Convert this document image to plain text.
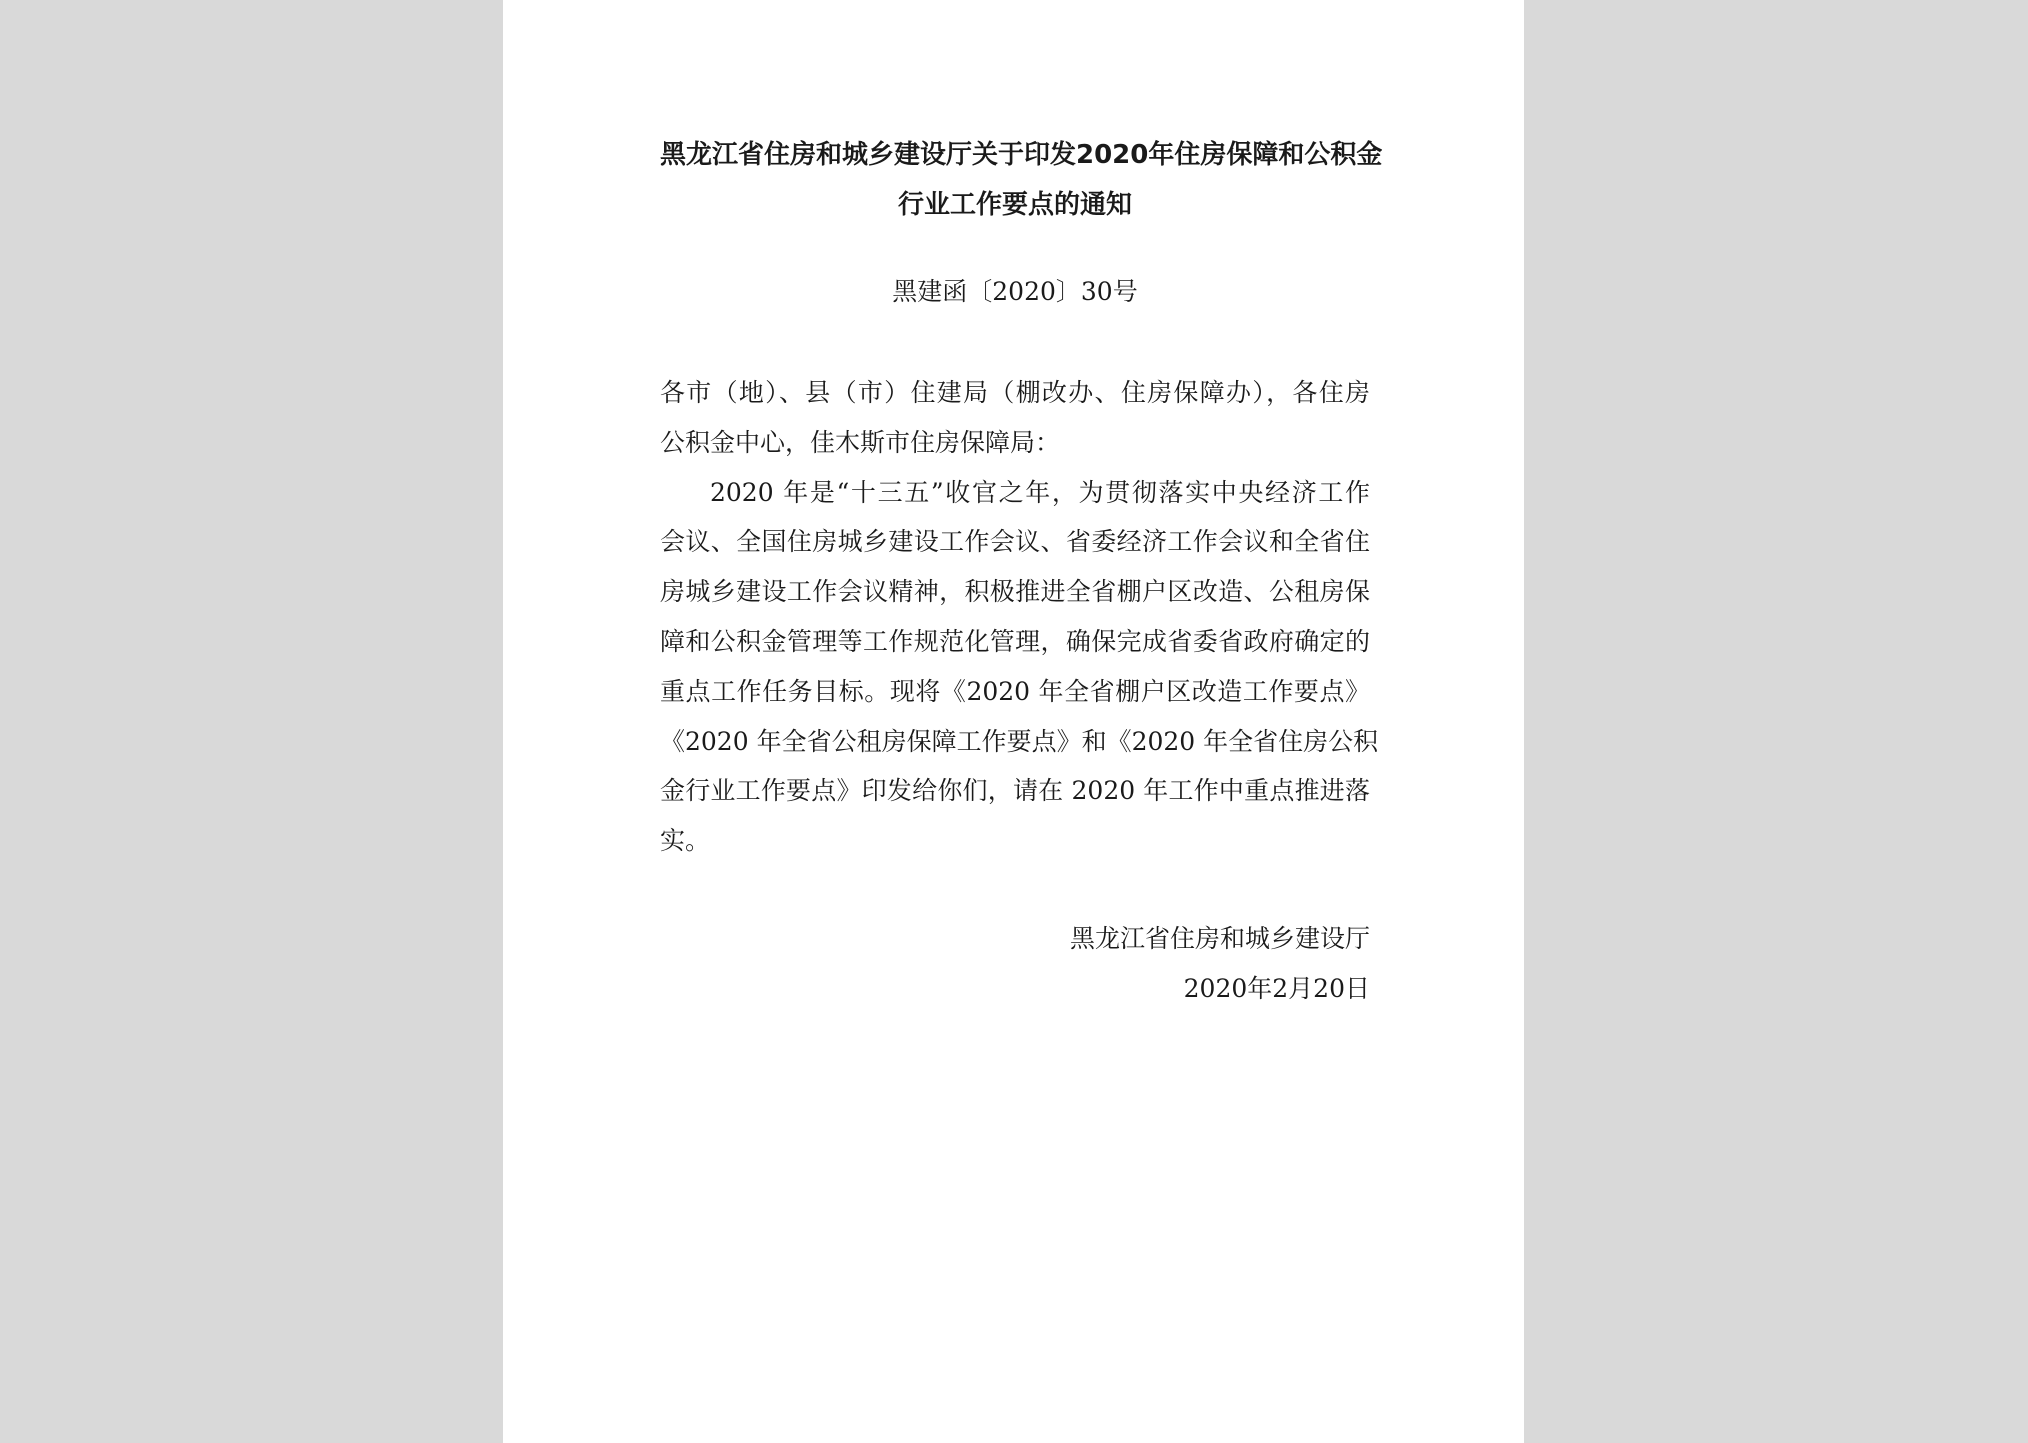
黑龙江省住房和城乡建设厅关于印发2020年住房保障和公积金
行业工作要点的通知
黑建函〔2020〕30号
各市（地）、县（市）住建局（棚改办、住房保障办），各住房
公积金中心，佳木斯市住房保障局：
2020 年是“十三五”收官之年，为贯彻落实中央经济工作
会议、全国住房城乡建设工作会议、省委经济工作会议和全省住
房城乡建设工作会议精神，积极推进全省棚户区改造、公租房保
障和公积金管理等工作规范化管理，确保完成省委省政府确定的
重点工作任务目标。现将《2020 年全省棚户区改造工作要点》
《2020 年全省公租房保障工作要点》和《2020 年全省住房公积
金行业工作要点》印发给你们，请在 2020 年工作中重点推进落
实。
黑龙江省住房和城乡建设厅
2020年2月20日
